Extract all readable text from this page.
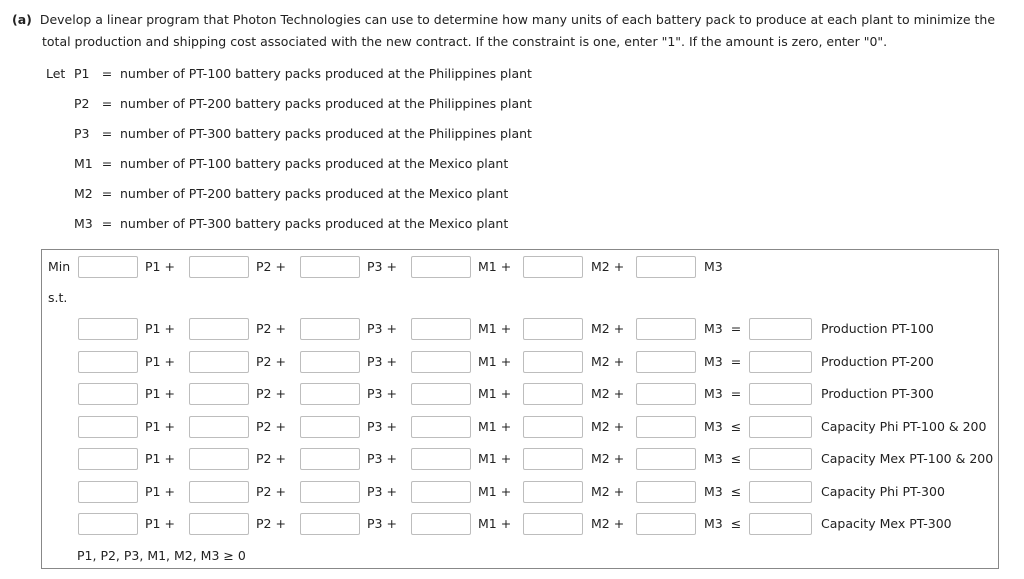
(a) Develop a linear program that Photon Technologies can use to determine how many units of each battery pack to produce at each plant to minimize the
total production and shipping cost associated with the new contract. If the constraint is one, enter "1". If the amount is zero, enter "0".
Let P1 = number of PT-100 battery packs produced at the Philippines plant
P2 = number of PT-200 battery packs produced at the Philippines plant
P3 = number of PT-300 battery packs produced at the Philippines plant
M1 = number of PT-100 battery packs produced at the Mexico plant
M2 = number of PT-200 battery packs produced at the Mexico plant
M3 = number of PT-300 battery packs produced at the Mexico plant
Min	P1 +	P2 +	P3 +	M1 +	M2 +	M3
s.t.
P1 +	P2 +	P3 +	M1 +	M2 +	M3 =	Production PT-100
P1 +	P2 +	P3 +	M1 +	M2 +	M3 =	Production PT-200
P1 +	P2 +	P3 +	M1 +	M2 +	M3 =	Production PT-300
P1 +	P2 +	P3 +	M1 +	M2 +	M3 ≤	Capacity Phi PT-100 & 200
P1 +	P2 +	P3 +	M1 +	M2 +	M3 ≤	Capacity Mex PT-100 & 200
P1 +	P2 +	P3 +	M1 +	M2 +	M3 ≤	Capacity Phi PT-300
P1 +	P2 +	P3 +	M1 +	M2 +	M3 ≤	Capacity Mex PT-300
P1, P2, P3, M1, M2, M3 ≥ 0
